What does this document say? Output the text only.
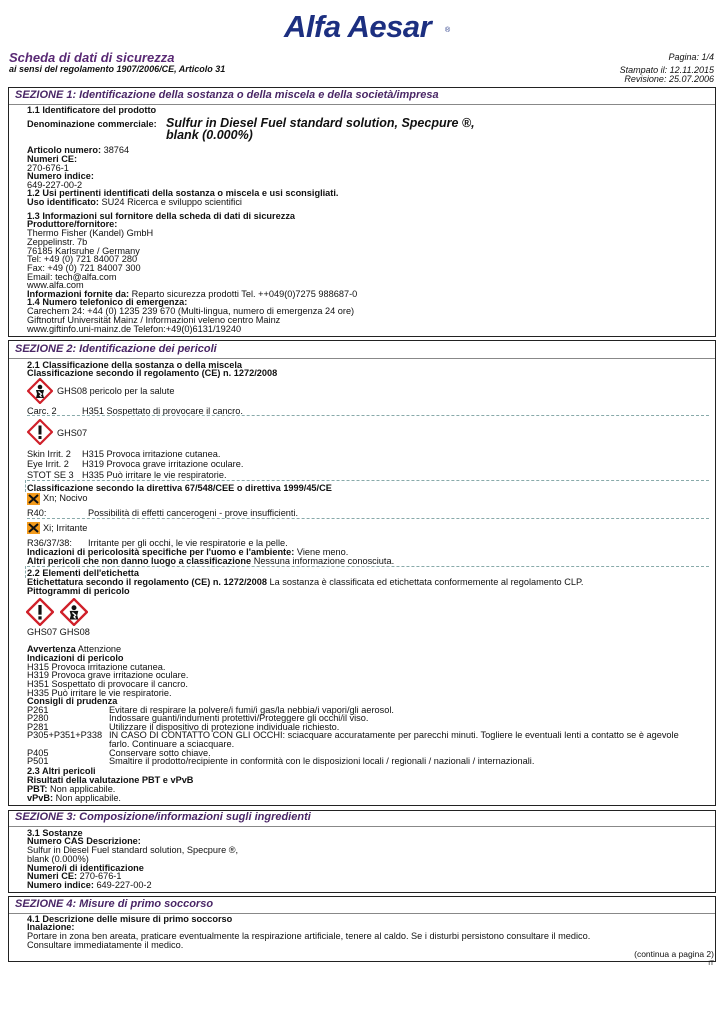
Alfa Aesar ®
Scheda di dati di sicurezza
ai sensi del regolamento 1907/2006/CE, Articolo 31
Pagina: 1/4
Stampato il: 12.11.2015
Revisione: 25.07.2006
SEZIONE 1: Identificazione della sostanza o della miscela e della società/impresa
1.1 Identificatore del prodotto
Denominazione commerciale: Sulfur in Diesel Fuel standard solution, Specpure ®,
blank (0.000%)
Articolo numero: 38764
Numeri CE:
270-676-1
Numero indice:
649-227-00-2
1.2 Usi pertinenti identificati della sostanza o miscela e usi sconsigliati.
Uso identificato: SU24 Ricerca e sviluppo scientifici
1.3 Informazioni sul fornitore della scheda di dati di sicurezza
Produttore/fornitore:
Thermo Fisher (Kandel) GmbH
Zeppelinstr. 7b
76185 Karlsruhe / Germany
Tel: +49 (0) 721 84007 280
Fax: +49 (0) 721 84007 300
Email: tech@alfa.com
www.alfa.com
Informazioni fornite da: Reparto sicurezza prodotti Tel. ++049(0)7275 988687-0
1.4 Numero telefonico di emergenza:
Carechem 24: +44 (0) 1235 239 670 (Multi-lingua, numero di emergenza 24 ore)
Giftnotruf Universität Mainz / Informazioni veleno centro Mainz
www.giftinfo.uni-mainz.de Telefon:+49(0)6131/19240
SEZIONE 2: Identificazione dei pericoli
2.1 Classificazione della sostanza o della miscela
Classificazione secondo il regolamento (CE) n. 1272/2008
GHS08 pericolo per la salute
Carc. 2	H351 Sospettato di provocare il cancro.
GHS07
Skin Irrit. 2 H315 Provoca irritazione cutanea.
Eye Irrit. 2 H319 Provoca grave irritazione oculare.
STOT SE 3 H335 Può irritare le vie respiratorie.
Classificazione secondo la direttiva 67/548/CEE o direttiva 1999/45/CE
Xn; Nocivo
R40:	Possibilità di effetti cancerogeni - prove insufficienti.
Xi; Irritante
R36/37/38: Irritante per gli occhi, le vie respiratorie e la pelle.
Indicazioni di pericolosità specifiche per l'uomo e l'ambiente: Viene meno.
Altri pericoli che non danno luogo a classificazione Nessuna informazione conosciuta.
2.2 Elementi dell'etichetta
Etichettatura secondo il regolamento (CE) n. 1272/2008 La sostanza è classificata ed etichettata conformemente al regolamento CLP.
Pittogrammi di pericolo
GHS07 GHS08
Avvertenza Attenzione
Indicazioni di pericolo
H315 Provoca irritazione cutanea.
H319 Provoca grave irritazione oculare.
H351 Sospettato di provocare il cancro.
H335 Può irritare le vie respiratorie.
Consigli di prudenza
P261	Evitare di respirare la polvere/i fumi/i gas/la nebbia/i vapori/gli aerosol.
P280	Indossare guanti/indumenti protettivi/Proteggere gli occhi/il viso.
P281	Utilizzare il dispositivo di protezione individuale richiesto.
P305+P351+P338 IN CASO DI CONTATTO CON GLI OCCHI: sciacquare accuratamente per parecchi minuti. Togliere le eventuali lenti a contatto se è agevole
farlo. Continuare a sciacquare.
P405	Conservare sotto chiave.
P501	Smaltire il prodotto/recipiente in conformità con le disposizioni locali / regionali / nazionali / internazionali.
2.3 Altri pericoli
Risultati della valutazione PBT e vPvB
PBT: Non applicabile.
vPvB: Non applicabile.
SEZIONE 3: Composizione/informazioni sugli ingredienti
3.1 Sostanze
Numero CAS Descrizione:
Sulfur in Diesel Fuel standard solution, Specpure ®,
blank (0.000%)
Numero/i di identificazione
Numeri CE: 270-676-1
Numero indice: 649-227-00-2
SEZIONE 4: Misure di primo soccorso
4.1 Descrizione delle misure di primo soccorso
Inalazione:
Portare in zona ben areata, praticare eventualmente la respirazione artificiale, tenere al caldo. Se i disturbi persistono consultare il medico.
Consultare immediatamente il medico.
(continua a pagina 2)
IT
